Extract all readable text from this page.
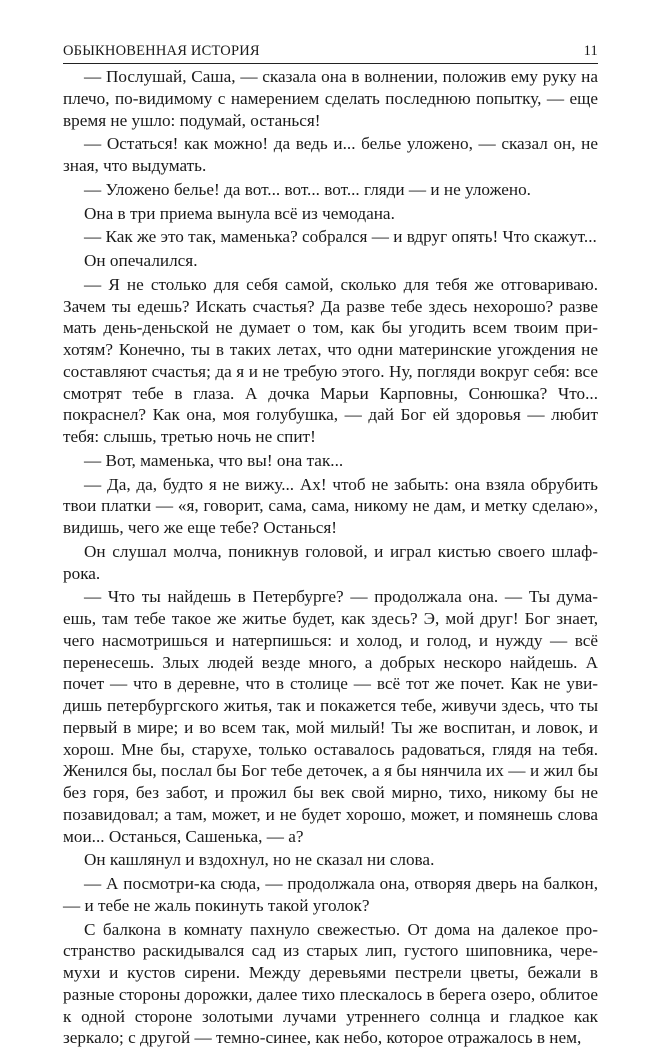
ОБЫКНОВЕННАЯ ИСТОРИЯ	11

— Послушай, Саша, — сказала она в волнении, положив ему руку на плечо, по-видимому с намерением сделать последнюю попытку, — еще время не ушло: подумай, останься!

— Остаться! как можно! да ведь и... белье уложено, — сказал он, не зная, что выдумать.

— Уложено белье! да вот... вот... вот... гляди — и не уложено.

Она в три приема вынула всё из чемодана.

— Как же это так, маменька? собрался — и вдруг опять! Что скажут...

Он опечалился.

— Я не столько для себя самой, сколько для тебя же отговариваю. Зачем ты едешь? Искать счастья? Да разве тебе здесь нехорошо? разве мать день-деньской не думает о том, как бы угодить всем твоим прихотям? Конечно, ты в таких летах, что одни материнские угождения не составляют счастья; да я и не требую этого. Ну, погляди вокруг себя: все смотрят тебе в глаза. А дочка Марьи Карповны, Сонюшка? Что... покраснел? Как она, моя голубушка, — дай Бог ей здоровья — любит тебя: слышь, третью ночь не спит!

— Вот, маменька, что вы! она так...

— Да, да, будто я не вижу... Ах! чтоб не забыть: она взяла обрубить твои платки — «я, говорит, сама, сама, никому не дам, и метку сделаю», видишь, чего же еще тебе? Останься!

Он слушал молча, поникнув головой, и играл кистью своего шлафрока.

— Что ты найдешь в Петербурге? — продолжала она. — Ты думаешь, там тебе такое же житье будет, как здесь? Э, мой друг! Бог знает, чего насмотришься и натерпишься: и холод, и голод, и нужду — всё перенесешь. Злых людей везде много, а добрых нескоро найдешь. А почет — что в деревне, что в столице — всё тот же почет. Как не увидишь петербургского житья, так и покажется тебе, живучи здесь, что ты первый в мире; и во всем так, мой милый! Ты же воспитан, и ловок, и хорош. Мне бы, старухе, только оставалось радоваться, глядя на тебя. Женился бы, послал бы Бог тебе деточек, а я бы нянчила их — и жил бы без горя, без забот, и прожил бы век свой мирно, тихо, никому бы не позавидовал; а там, может, и не будет хорошо, может, и помянешь слова мои... Останься, Сашенька, — а?

Он кашлянул и вздохнул, но не сказал ни слова.

— А посмотри-ка сюда, — продолжала она, отворяя дверь на балкон, — и тебе не жаль покинуть такой уголок?

С балкона в комнату пахнуло свежестью. От дома на далекое пространство раскидывался сад из старых лип, густого шиповника, черемухи и кустов сирени. Между деревьями пестрели цветы, бежали в разные стороны дорожки, далее тихо плескалось в берега озеро, облитое к одной стороне золотыми лучами утреннего солнца и гладкое как зеркало; с другой — темно-синее, как небо, которое отражалось в нем,
